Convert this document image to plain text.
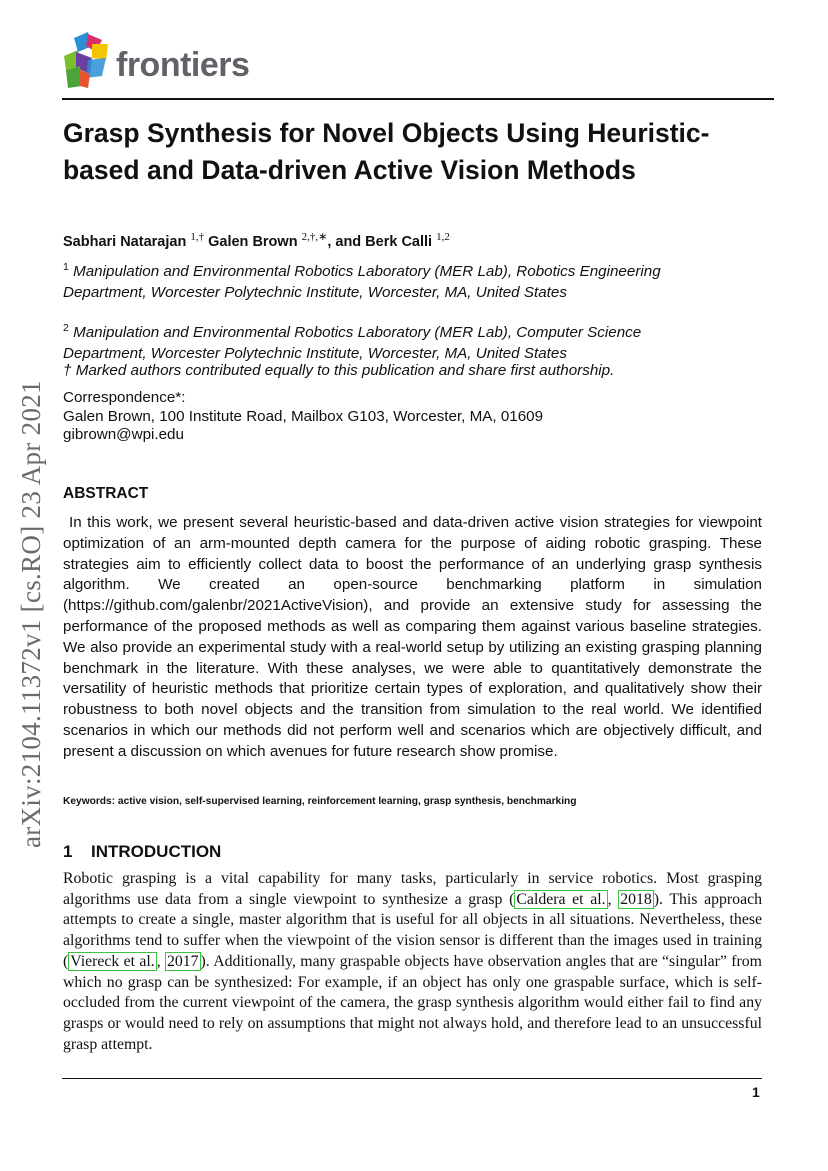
frontiers
arXiv:2104.11372v1 [cs.RO] 23 Apr 2021
Grasp Synthesis for Novel Objects Using Heuristic-based and Data-driven Active Vision Methods
Sabhari Natarajan $^{1,\dagger}$ Galen Brown $^{2,\dagger,∗}$, and Berk Calli $^{1,2}$
$^1$ Manipulation and Environmental Robotics Laboratory (MER Lab), Robotics Engineering Department, Worcester Polytechnic Institute, Worcester, MA, United States
$^2$ Manipulation and Environmental Robotics Laboratory (MER Lab), Computer Science Department, Worcester Polytechnic Institute, Worcester, MA, United States
† Marked authors contributed equally to this publication and share first authorship.
Correspondence*:
Galen Brown, 100 Institute Road, Mailbox G103, Worcester, MA, 01609
gibrown@wpi.edu
ABSTRACT

In this work, we present several heuristic-based and data-driven active vision strategies for viewpoint optimization of an arm-mounted depth camera for the purpose of aiding robotic grasping. These strategies aim to efficiently collect data to boost the performance of an underlying grasp synthesis algorithm. We created an open-source benchmarking platform in simulation (https://github.com/galenbr/2021ActiveVision), and provide an extensive study for assessing the performance of the proposed methods as well as comparing them against various baseline strategies. We also provide an experimental study with a real-world setup by utilizing an existing grasping planning benchmark in the literature. With these analyses, we were able to quantitatively demonstrate the versatility of heuristic methods that prioritize certain types of exploration, and qualitatively show their robustness to both novel objects and the transition from simulation to the real world. We identified scenarios in which our methods did not perform well and scenarios which are objectively difficult, and present a discussion on which avenues for future research show promise.

Keywords: active vision, self-supervised learning, reinforcement learning, grasp synthesis, benchmarking
1 INTRODUCTION

Robotic grasping is a vital capability for many tasks, particularly in service robotics. Most grasping algorithms use data from a single viewpoint to synthesize a grasp ( Caldera et al. , 2018 ). This approach attempts to create a single, master algorithm that is useful for all objects in all situations. Nevertheless, these algorithms tend to suffer when the viewpoint of the vision sensor is different than the images used in training ( Viereck et al. , 2017 ). Additionally, many graspable objects have observation angles that are “singular” from which no grasp can be synthesized: For example, if an object has only one graspable surface, which is self-occluded from the current viewpoint of the camera, the grasp synthesis algorithm would either fail to find any grasps or would need to rely on assumptions that might not always hold, and therefore lead to an unsuccessful grasp attempt.

1
